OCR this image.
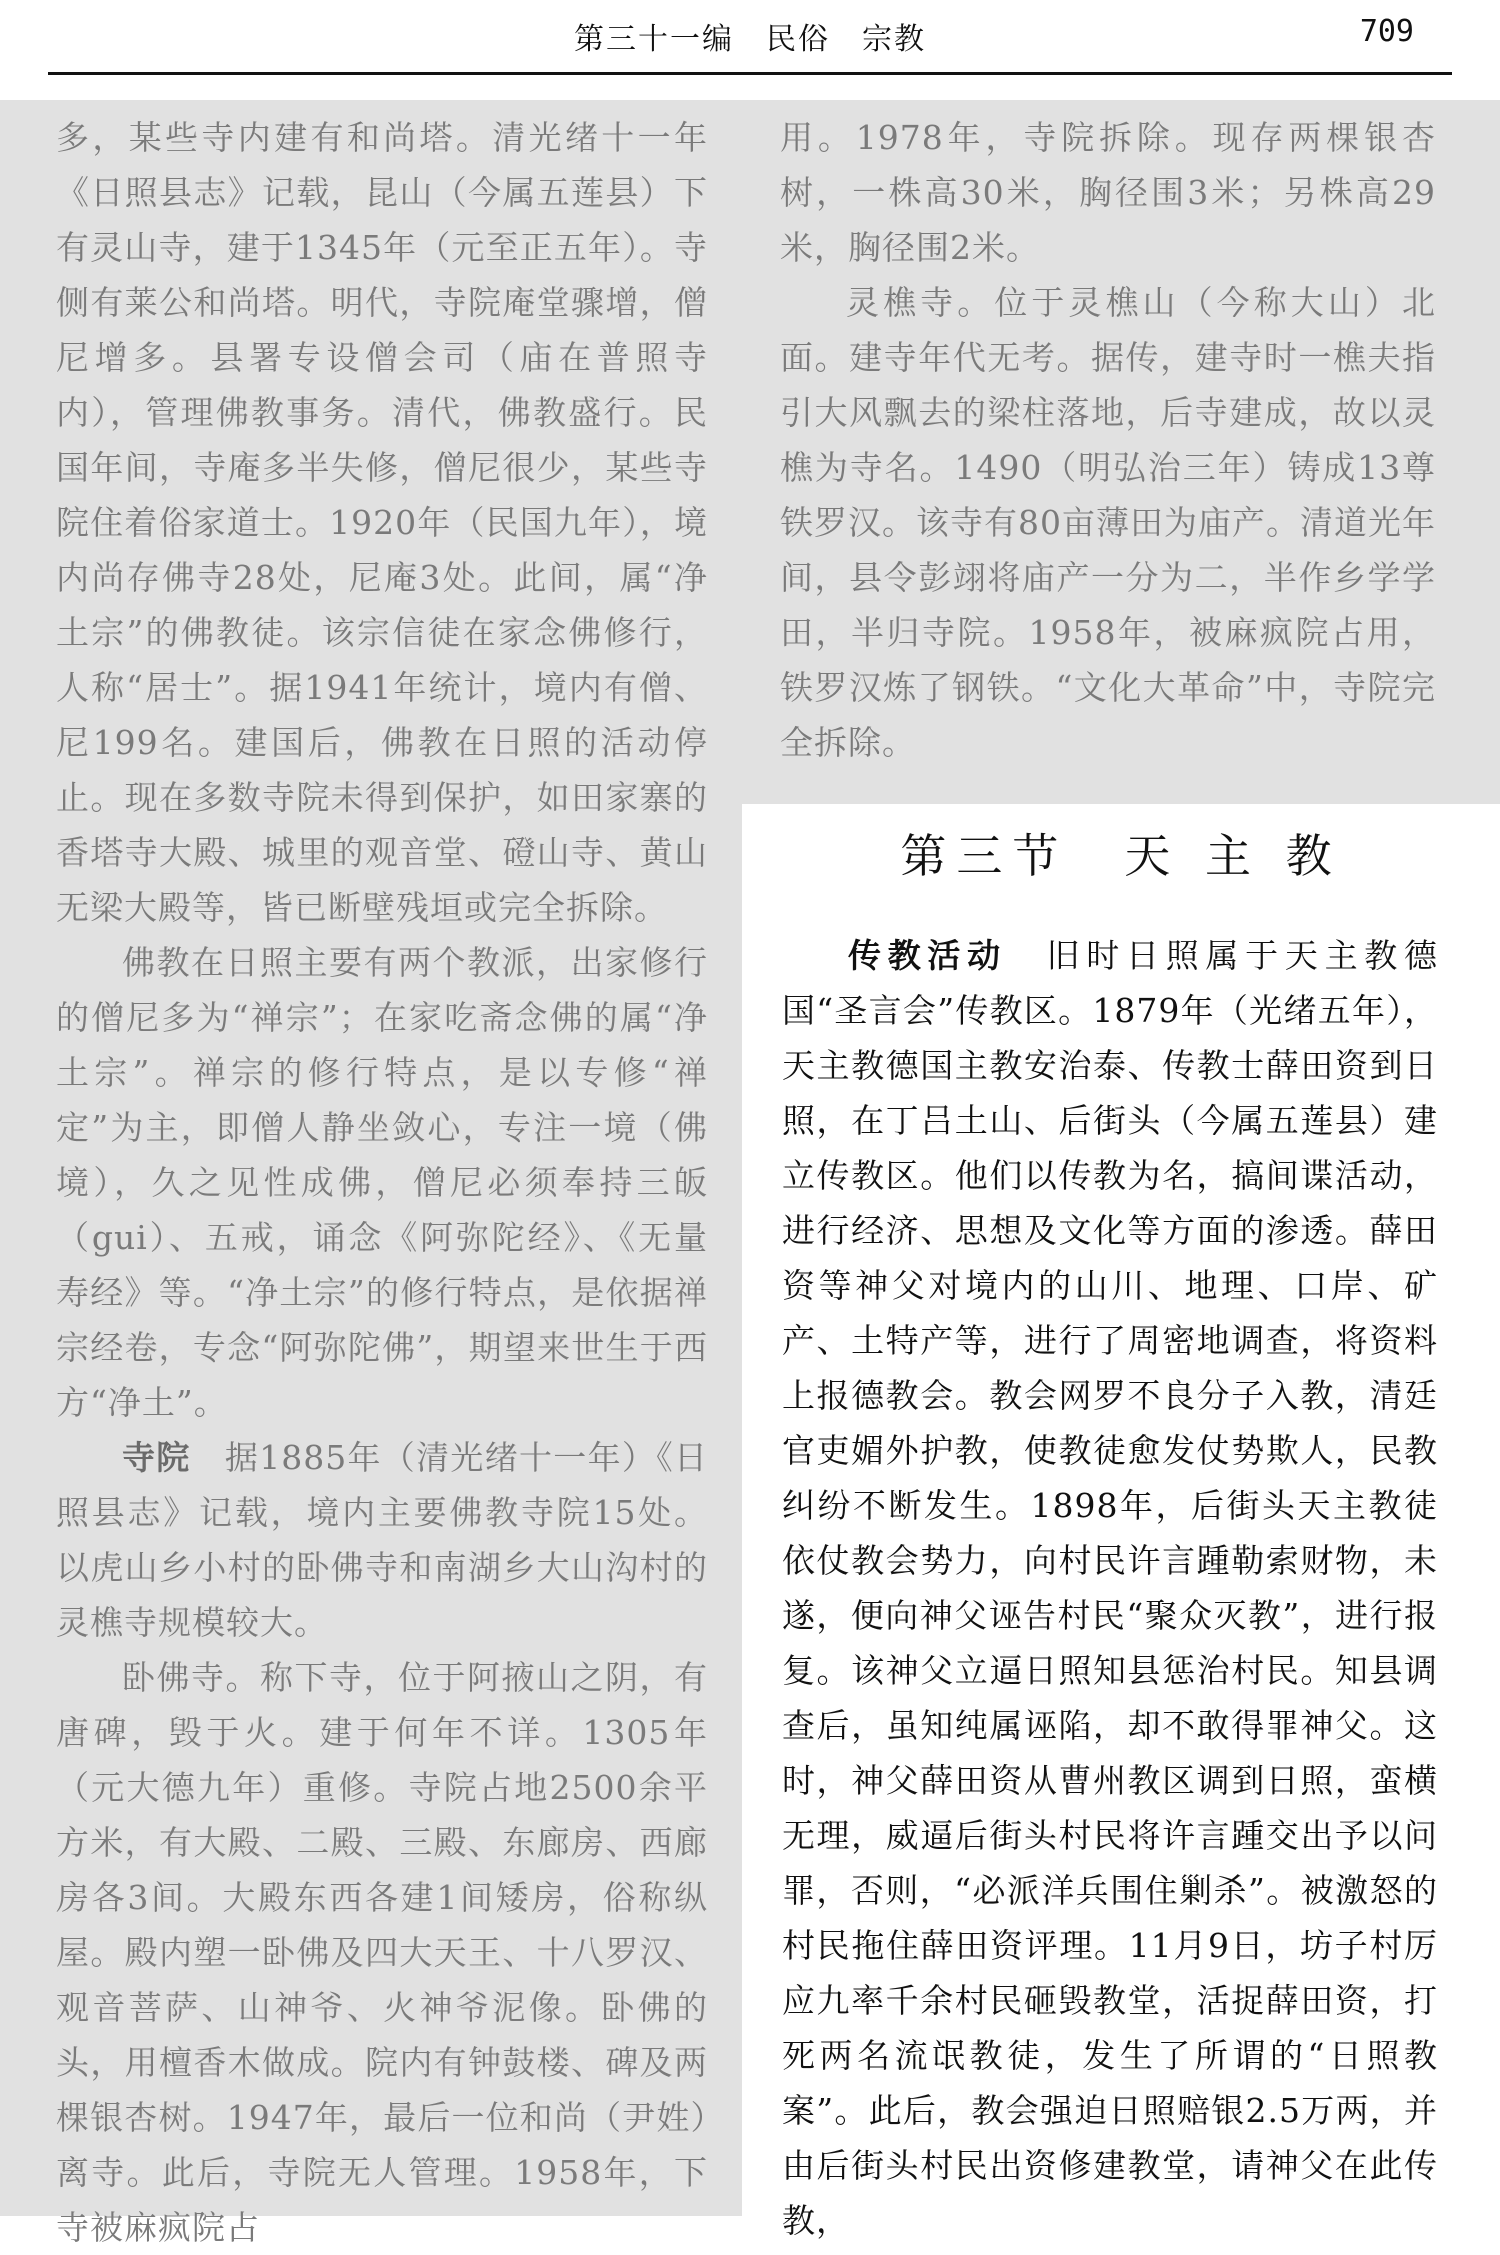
第三十一编　民俗　宗教	709

多，某些寺内建有和尚塔。清光绪十一年《日照县志》记载，昆山（今属五莲县）下有灵山寺，建于1345年（元至正五年）。寺侧有莱公和尚塔。明代，寺院庵堂骤增，僧尼增多。县署专设僧会司（庙在普照寺内），管理佛教事务。清代，佛教盛行。民国年间，寺庵多半失修，僧尼很少，某些寺院住着俗家道士。1920年（民国九年），境内尚存佛寺28处，尼庵3处。此间，属“净土宗”的佛教徒。该宗信徒在家念佛修行，人称“居士”。据1941年统计，境内有僧、尼199名。建国后，佛教在日照的活动停止。现在多数寺院未得到保护，如田家寨的香塔寺大殿、城里的观音堂、磴山寺、黄山无梁大殿等，皆已断壁残垣或完全拆除。

佛教在日照主要有两个教派，出家修行的僧尼多为“禅宗”；在家吃斋念佛的属“净土宗”。禅宗的修行特点，是以专修“禅定”为主，即僧人静坐敛心，专注一境（佛境），久之见性成佛，僧尼必须奉持三皈（gui）、五戒，诵念《阿弥陀经》、《无量寿经》等。“净土宗”的修行特点，是依据禅宗经卷，专念“阿弥陀佛”，期望来世生于西方“净土”。

寺院　据1885年（清光绪十一年）《日照县志》记载，境内主要佛教寺院15处。以虎山乡小村的卧佛寺和南湖乡大山沟村的灵樵寺规模较大。

卧佛寺。称下寺，位于阿掖山之阴，有唐碑，毁于火。建于何年不详。1305年（元大德九年）重修。寺院占地2500余平方米，有大殿、二殿、三殿、东廊房、西廊房各3间。大殿东西各建1间矮房，俗称纵屋。殿内塑一卧佛及四大天王、十八罗汉、观音菩萨、山神爷、火神爷泥像。卧佛的头，用檀香木做成。院内有钟鼓楼、碑及两棵银杏树。1947年，最后一位和尚（尹姓）离寺。此后，寺院无人管理。1958年，下寺被麻疯院占

用。1978年，寺院拆除。现存两棵银杏树，一株高30米，胸径围3米；另株高29米，胸径围2米。

灵樵寺。位于灵樵山（今称大山）北面。建寺年代无考。据传，建寺时一樵夫指引大风飘去的梁柱落地，后寺建成，故以灵樵为寺名。1490（明弘治三年）铸成13尊铁罗汉。该寺有80亩薄田为庙产。清道光年间，县令彭翊将庙产一分为二，半作乡学学田，半归寺院。1958年，被麻疯院占用，铁罗汉炼了钢铁。“文化大革命”中，寺院完全拆除。

第三节　天 主 教

传教活动　旧时日照属于天主教德国“圣言会”传教区。1879年（光绪五年），天主教德国主教安治泰、传教士薛田资到日照，在丁吕土山、后街头（今属五莲县）建立传教区。他们以传教为名，搞间谍活动，进行经济、思想及文化等方面的渗透。薛田资等神父对境内的山川、地理、口岸、矿产、土特产等，进行了周密地调查，将资料上报德教会。教会网罗不良分子入教，清廷官吏媚外护教，使教徒愈发仗势欺人，民教纠纷不断发生。1898年，后街头天主教徒依仗教会势力，向村民许言踵勒索财物，未遂，便向神父诬告村民“聚众灭教”，进行报复。该神父立逼日照知县惩治村民。知县调查后，虽知纯属诬陷，却不敢得罪神父。这时，神父薛田资从曹州教区调到日照，蛮横无理，威逼后街头村民将许言踵交出予以问罪，否则，“必派洋兵围住剿杀”。被激怒的村民拖住薛田资评理。11月9日，坊子村厉应九率千余村民砸毁教堂，活捉薛田资，打死两名流氓教徒，发生了所谓的“日照教案”。此后，教会强迫日照赔银2.5万两，并由后街头村民出资修建教堂，请神父在此传教，
